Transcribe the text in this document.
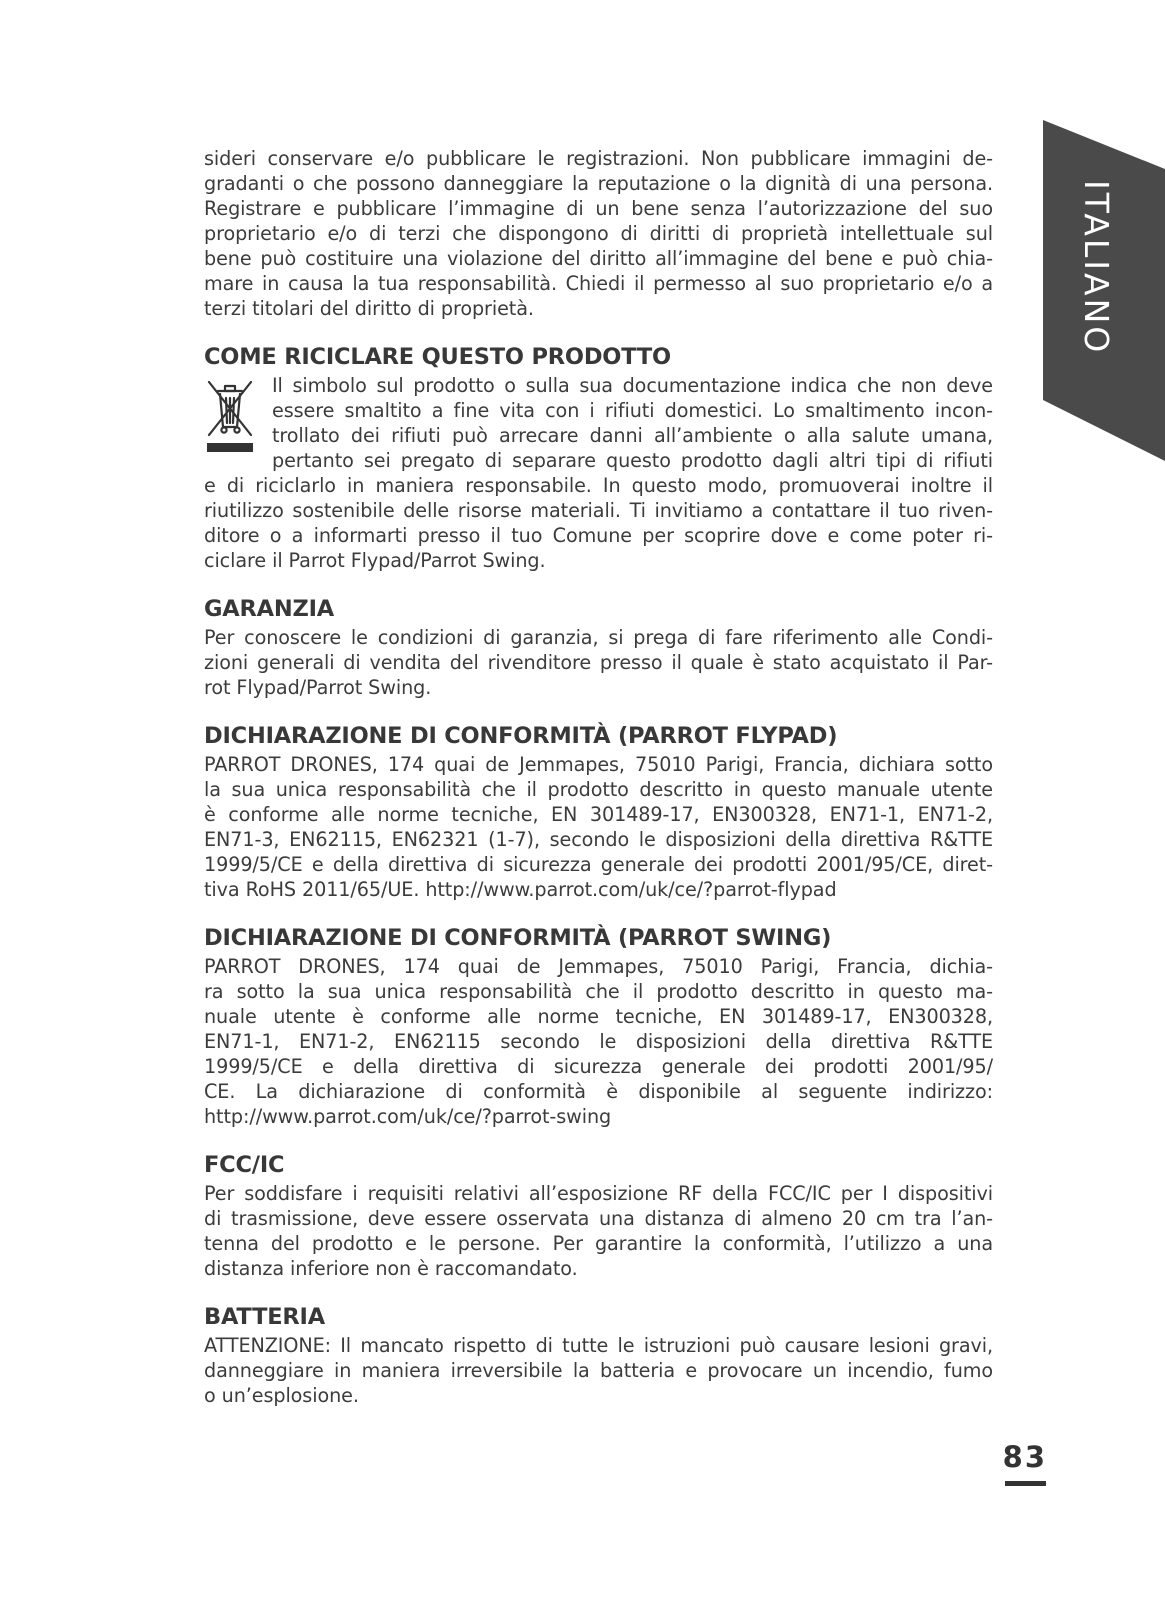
ITALIANO
sideri conservare e/o pubblicare le registrazioni. Non pubblicare immagini de-
gradanti o che possono danneggiare la reputazione o la dignità di una persona.
Registrare e pubblicare l’immagine di un bene senza l’autorizzazione del suo
proprietario e/o di terzi che dispongono di diritti di proprietà intellettuale sul
bene può costituire una violazione del diritto all’immagine del bene e può chia-
mare in causa la tua responsabilità. Chiedi il permesso al suo proprietario e/o a
terzi titolari del diritto di proprietà.
COME RICICLARE QUESTO PRODOTTO
Il simbolo sul prodotto o sulla sua documentazione indica che non deve
essere smaltito a fine vita con i rifiuti domestici. Lo smaltimento incon-
trollato dei rifiuti può arrecare danni all’ambiente o alla salute umana,
pertanto sei pregato di separare questo prodotto dagli altri tipi di rifiuti
e di riciclarlo in maniera responsabile. In questo modo, promuoverai inoltre il
riutilizzo sostenibile delle risorse materiali. Ti invitiamo a contattare il tuo riven-
ditore o a informarti presso il tuo Comune per scoprire dove e come poter ri-
ciclare il Parrot Flypad/Parrot Swing.
GARANZIA
Per conoscere le condizioni di garanzia, si prega di fare riferimento alle Condi-
zioni generali di vendita del rivenditore presso il quale è stato acquistato il Par-
rot Flypad/Parrot Swing.
DICHIARAZIONE DI CONFORMITÀ (PARROT FLYPAD)
PARROT DRONES, 174 quai de Jemmapes, 75010 Parigi, Francia, dichiara sotto
la sua unica responsabilità che il prodotto descritto in questo manuale utente
è conforme alle norme tecniche, EN 301489-17, EN300328, EN71-1, EN71-2,
EN71-3, EN62115, EN62321 (1-7), secondo le disposizioni della direttiva R&TTE
1999/5/CE e della direttiva di sicurezza generale dei prodotti 2001/95/CE, diret-
tiva RoHS 2011/65/UE. http://www.parrot.com/uk/ce/?parrot-flypad
DICHIARAZIONE DI CONFORMITÀ (PARROT SWING)
PARROT DRONES, 174 quai de Jemmapes, 75010 Parigi, Francia, dichia-
ra sotto la sua unica responsabilità che il prodotto descritto in questo ma-
nuale utente è conforme alle norme tecniche, EN 301489-17, EN300328,
EN71-1, EN71-2, EN62115 secondo le disposizioni della direttiva R&TTE
1999/5/CE e della direttiva di sicurezza generale dei prodotti 2001/95/
CE. La dichiarazione di conformità è disponibile al seguente indirizzo:
http://www.parrot.com/uk/ce/?parrot-swing
FCC/IC
Per soddisfare i requisiti relativi all’esposizione RF della FCC/IC per I dispositivi
di trasmissione, deve essere osservata una distanza di almeno 20 cm tra l’an-
tenna del prodotto e le persone. Per garantire la conformità, l’utilizzo a una
distanza inferiore non è raccomandato.
BATTERIA
ATTENZIONE: Il mancato rispetto di tutte le istruzioni può causare lesioni gravi,
danneggiare in maniera irreversibile la batteria e provocare un incendio, fumo
o un’esplosione.
83
